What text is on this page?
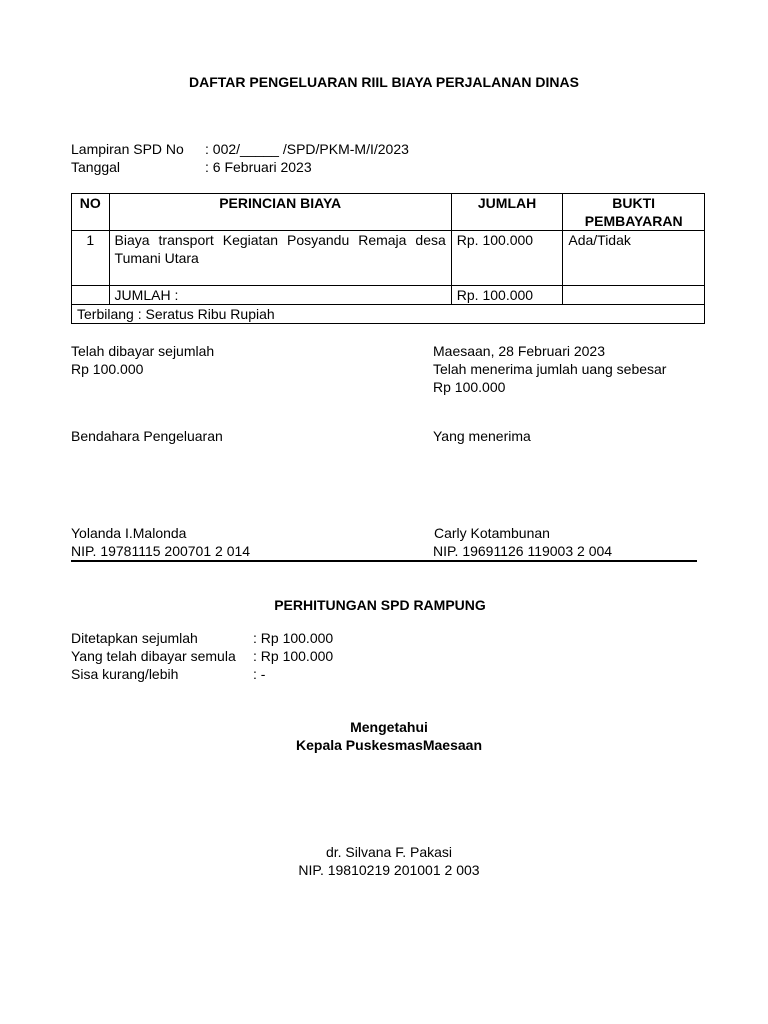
DAFTAR PENGELUARAN RIIL BIAYA PERJALANAN DINAS
Lampiran SPD No : 002/_____ /SPD/PKM-M/I/2023
Tanggal	: 6 Februari 2023
NO	PERINCIAN BIAYA	JUMLAH	BUKTI PEMBAYARAN
1	Biaya transport Kegiatan Posyandu Remaja desa Tumani Utara	Rp. 100.000	Ada/Tidak
	JUMLAH :	Rp. 100.000	
Terbilang : Seratus Ribu Rupiah			
Telah dibayar sejumlah
Rp 100.000
Maesaan, 28 Februari 2023
Telah menerima jumlah uang sebesar
Rp 100.000
Bendahara Pengeluaran	Yang menerima
Yolanda I.Malonda
NIP. 19781115 200701 2 014
Carly Kotambunan
NIP. 19691126 119003 2 004
PERHITUNGAN SPD RAMPUNG
Ditetapkan sejumlah	: Rp 100.000
Yang telah dibayar semula : Rp 100.000
Sisa kurang/lebih	: -
Mengetahui
Kepala PuskesmasMaesaan
dr. Silvana F. Pakasi
NIP. 19810219 201001 2 003
